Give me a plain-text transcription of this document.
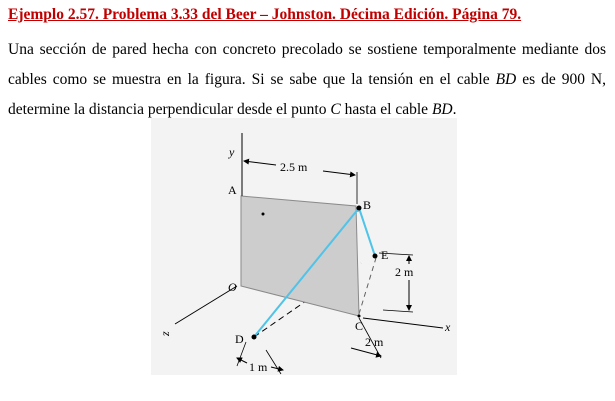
Ejemplo 2.57. Problema 3.33 del Beer – Johnston. Décima Edición. Página 79.
Una sección de pared hecha con concreto precolado se sostiene temporalmente mediante dos cables como se muestra en la figura. Si se sabe que la tensión en el cable BD es de 900 N, determine la distancia perpendicular desde el punto C hasta el cable BD.
y
x
z
A
B
C
D
E
O
2.5 m
2 m
2 m
1 m
